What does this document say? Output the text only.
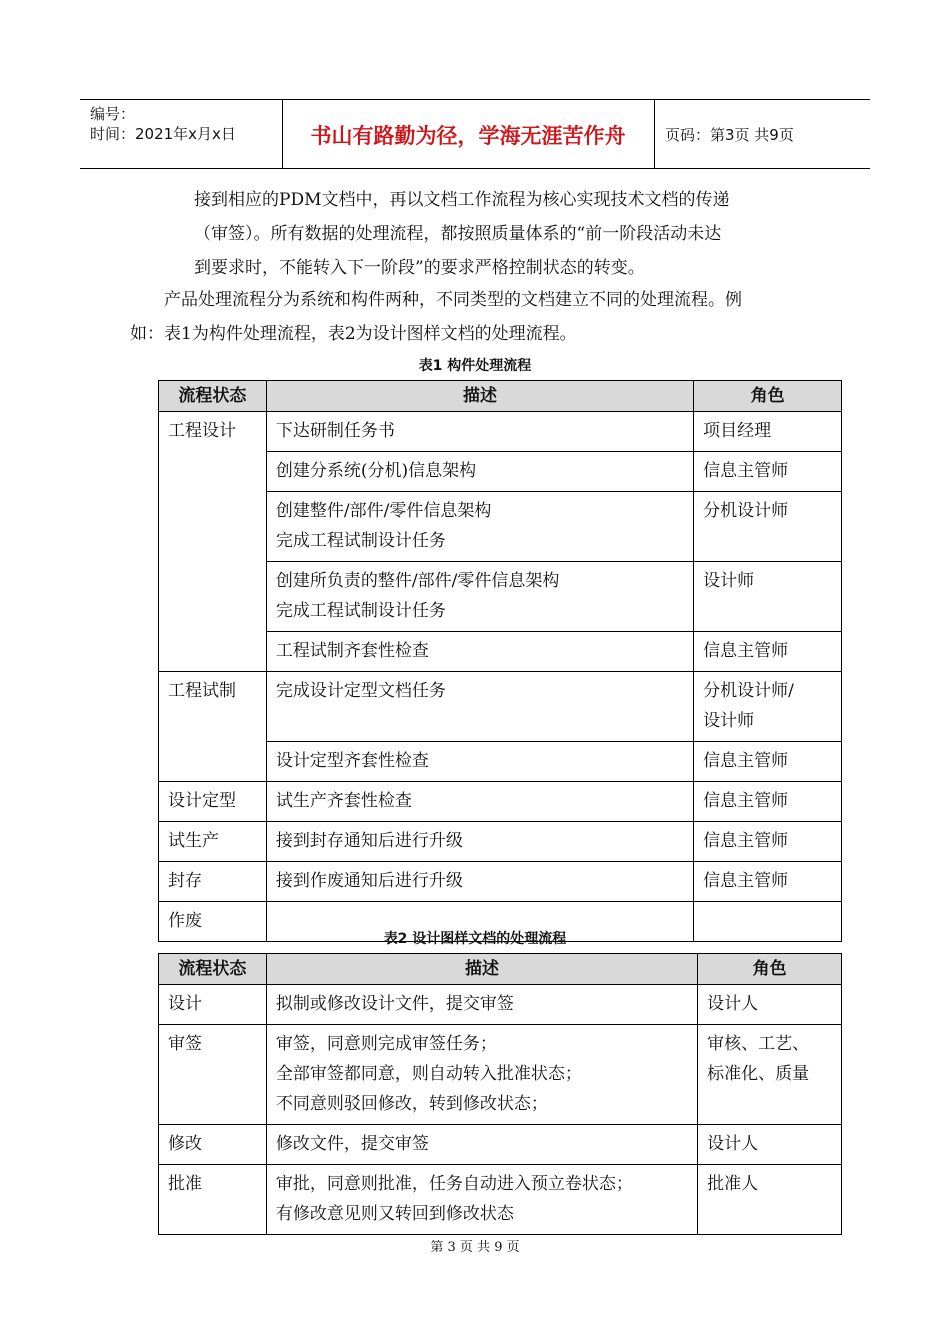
编号：
时间：2021年x月x日	书山有路勤为径，学海无涯苦作舟	页码：第3页 共9页
接到相应的PDM文档中，再以文档工作流程为核心实现技术文档的传递
（审签）。所有数据的处理流程，都按照质量体系的“前一阶段活动未达
到要求时，不能转入下一阶段”的要求严格控制状态的转变。
产品处理流程分为系统和构件两种，不同类型的文档建立不同的处理流程。例
如：表1为构件处理流程，表2为设计图样文档的处理流程。
表1 构件处理流程
流程状态	描述	角色
工程设计	下达研制任务书	项目经理

	创建分系统(分机)信息架构	信息主管师

	创建整件/部件/零件信息架构
完成工程试制设计任务	分机设计师

	创建所负责的整件/部件/零件信息架构
完成工程试制设计任务	设计师

	工程试制齐套性检查	信息主管师

工程试制	完成设计定型文档任务	分机设计师/
设计师

	设计定型齐套性检查	信息主管师

设计定型	试生产齐套性检查	信息主管师

试生产	接到封存通知后进行升级	信息主管师

封存	接到作废通知后进行升级	信息主管师

作废	

表2 设计图样文档的处理流程
流程状态	描述	角色
设计	拟制或修改设计文件，提交审签	设计人

审签	审签，同意则完成审签任务；
全部审签都同意，则自动转入批准状态；
不同意则驳回修改，转到修改状态；	审核、工艺、
标准化、质量

修改	修改文件，提交审签	设计人

批准	审批，同意则批准，任务自动进入预立卷状态；
有修改意见则又转回到修改状态	批准人
第 3 页 共 9 页
